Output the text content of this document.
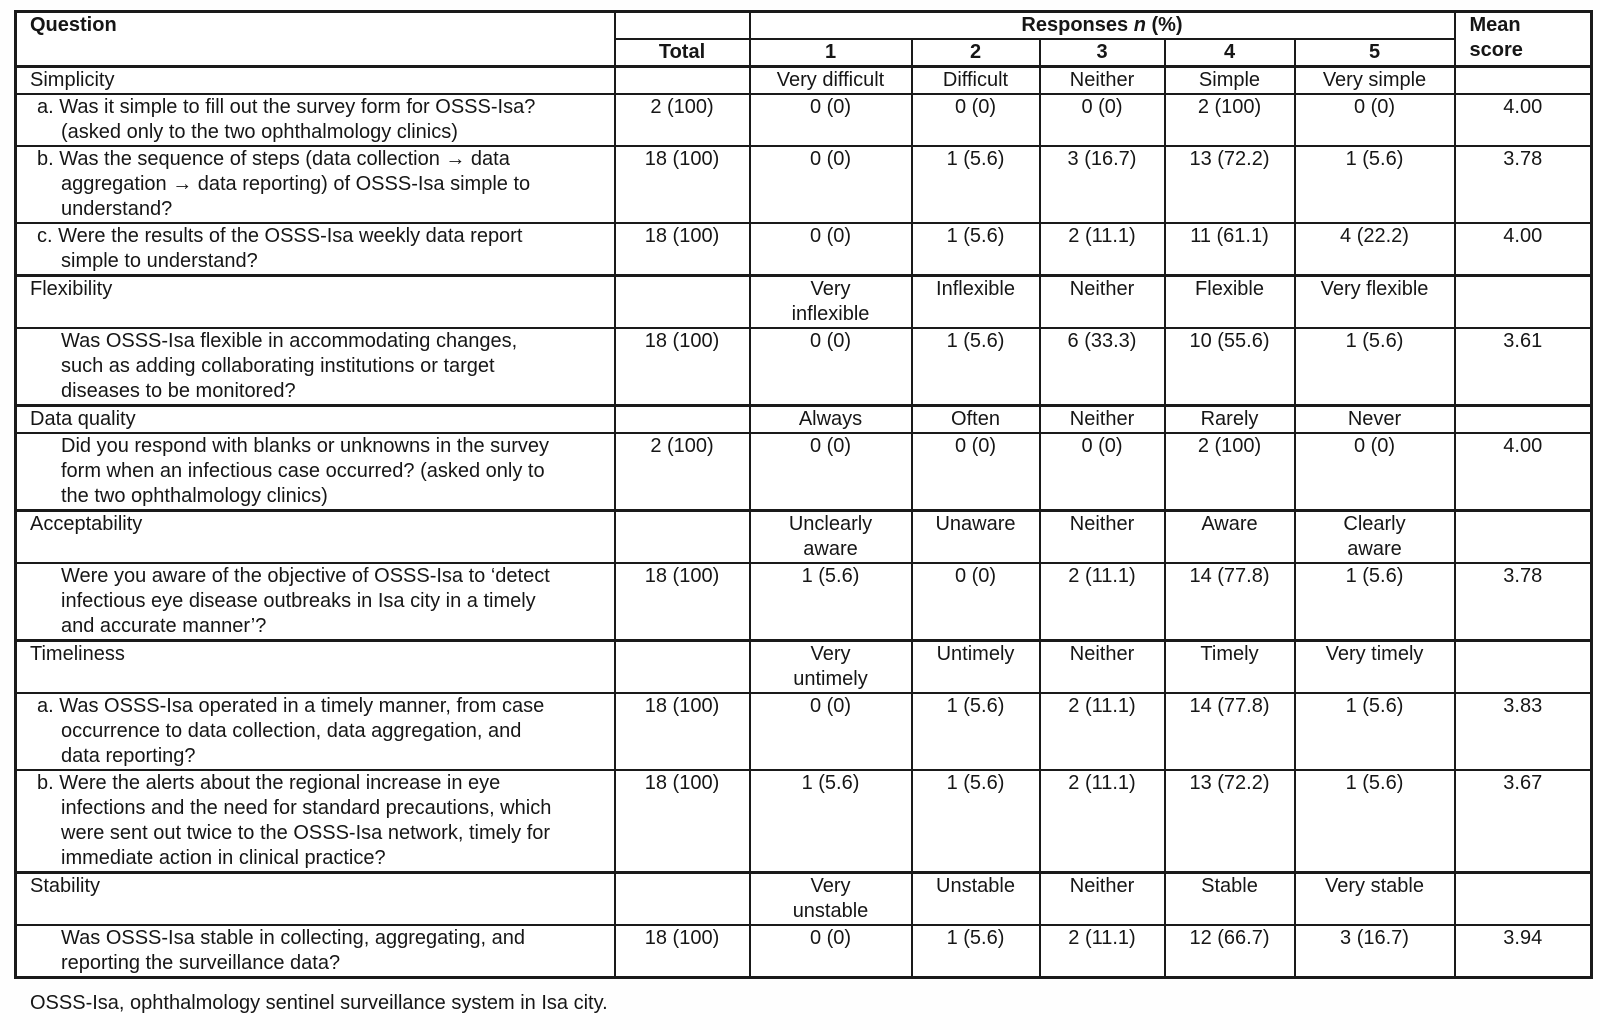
Question		Responses n (%)					Mean score
	Total	1	2	3	4	5	
Simplicity		Very difficult	Difficult	Neither	Simple	Very simple	
a. Was it simple to fill out the survey form for OSSS-Isa? (asked only to the two ophthalmology clinics)	2 (100)	0 (0)	0 (0)	0 (0)	2 (100)	0 (0)	4.00
b. Was the sequence of steps (data collection → data aggregation → data reporting) of OSSS-Isa simple to understand?	18 (100)	0 (0)	1 (5.6)	3 (16.7)	13 (72.2)	1 (5.6)	3.78
c. Were the results of the OSSS-Isa weekly data report simple to understand?	18 (100)	0 (0)	1 (5.6)	2 (11.1)	11 (61.1)	4 (22.2)	4.00
Flexibility		Very inflexible	Inflexible	Neither	Flexible	Very flexible	
Was OSSS-Isa flexible in accommodating changes, such as adding collaborating institutions or target diseases to be monitored?	18 (100)	0 (0)	1 (5.6)	6 (33.3)	10 (55.6)	1 (5.6)	3.61
Data quality		Always	Often	Neither	Rarely	Never	
Did you respond with blanks or unknowns in the survey form when an infectious case occurred? (asked only to the two ophthalmology clinics)	2 (100)	0 (0)	0 (0)	0 (0)	2 (100)	0 (0)	4.00
Acceptability		Unclearly aware	Unaware	Neither	Aware	Clearly aware	
Were you aware of the objective of OSSS-Isa to ‘detect infectious eye disease outbreaks in Isa city in a timely and accurate manner’?	18 (100)	1 (5.6)	0 (0)	2 (11.1)	14 (77.8)	1 (5.6)	3.78
Timeliness		Very untimely	Untimely	Neither	Timely	Very timely	
a. Was OSSS-Isa operated in a timely manner, from case occurrence to data collection, data aggregation, and data reporting?	18 (100)	0 (0)	1 (5.6)	2 (11.1)	14 (77.8)	1 (5.6)	3.83
b. Were the alerts about the regional increase in eye infections and the need for standard precautions, which were sent out twice to the OSSS-Isa network, timely for immediate action in clinical practice?	18 (100)	1 (5.6)	1 (5.6)	2 (11.1)	13 (72.2)	1 (5.6)	3.67
Stability		Very unstable	Unstable	Neither	Stable	Very stable	
Was OSSS-Isa stable in collecting, aggregating, and reporting the surveillance data?	18 (100)	0 (0)	1 (5.6)	2 (11.1)	12 (66.7)	3 (16.7)	3.94

OSSS-Isa, ophthalmology sentinel surveillance system in Isa city.
